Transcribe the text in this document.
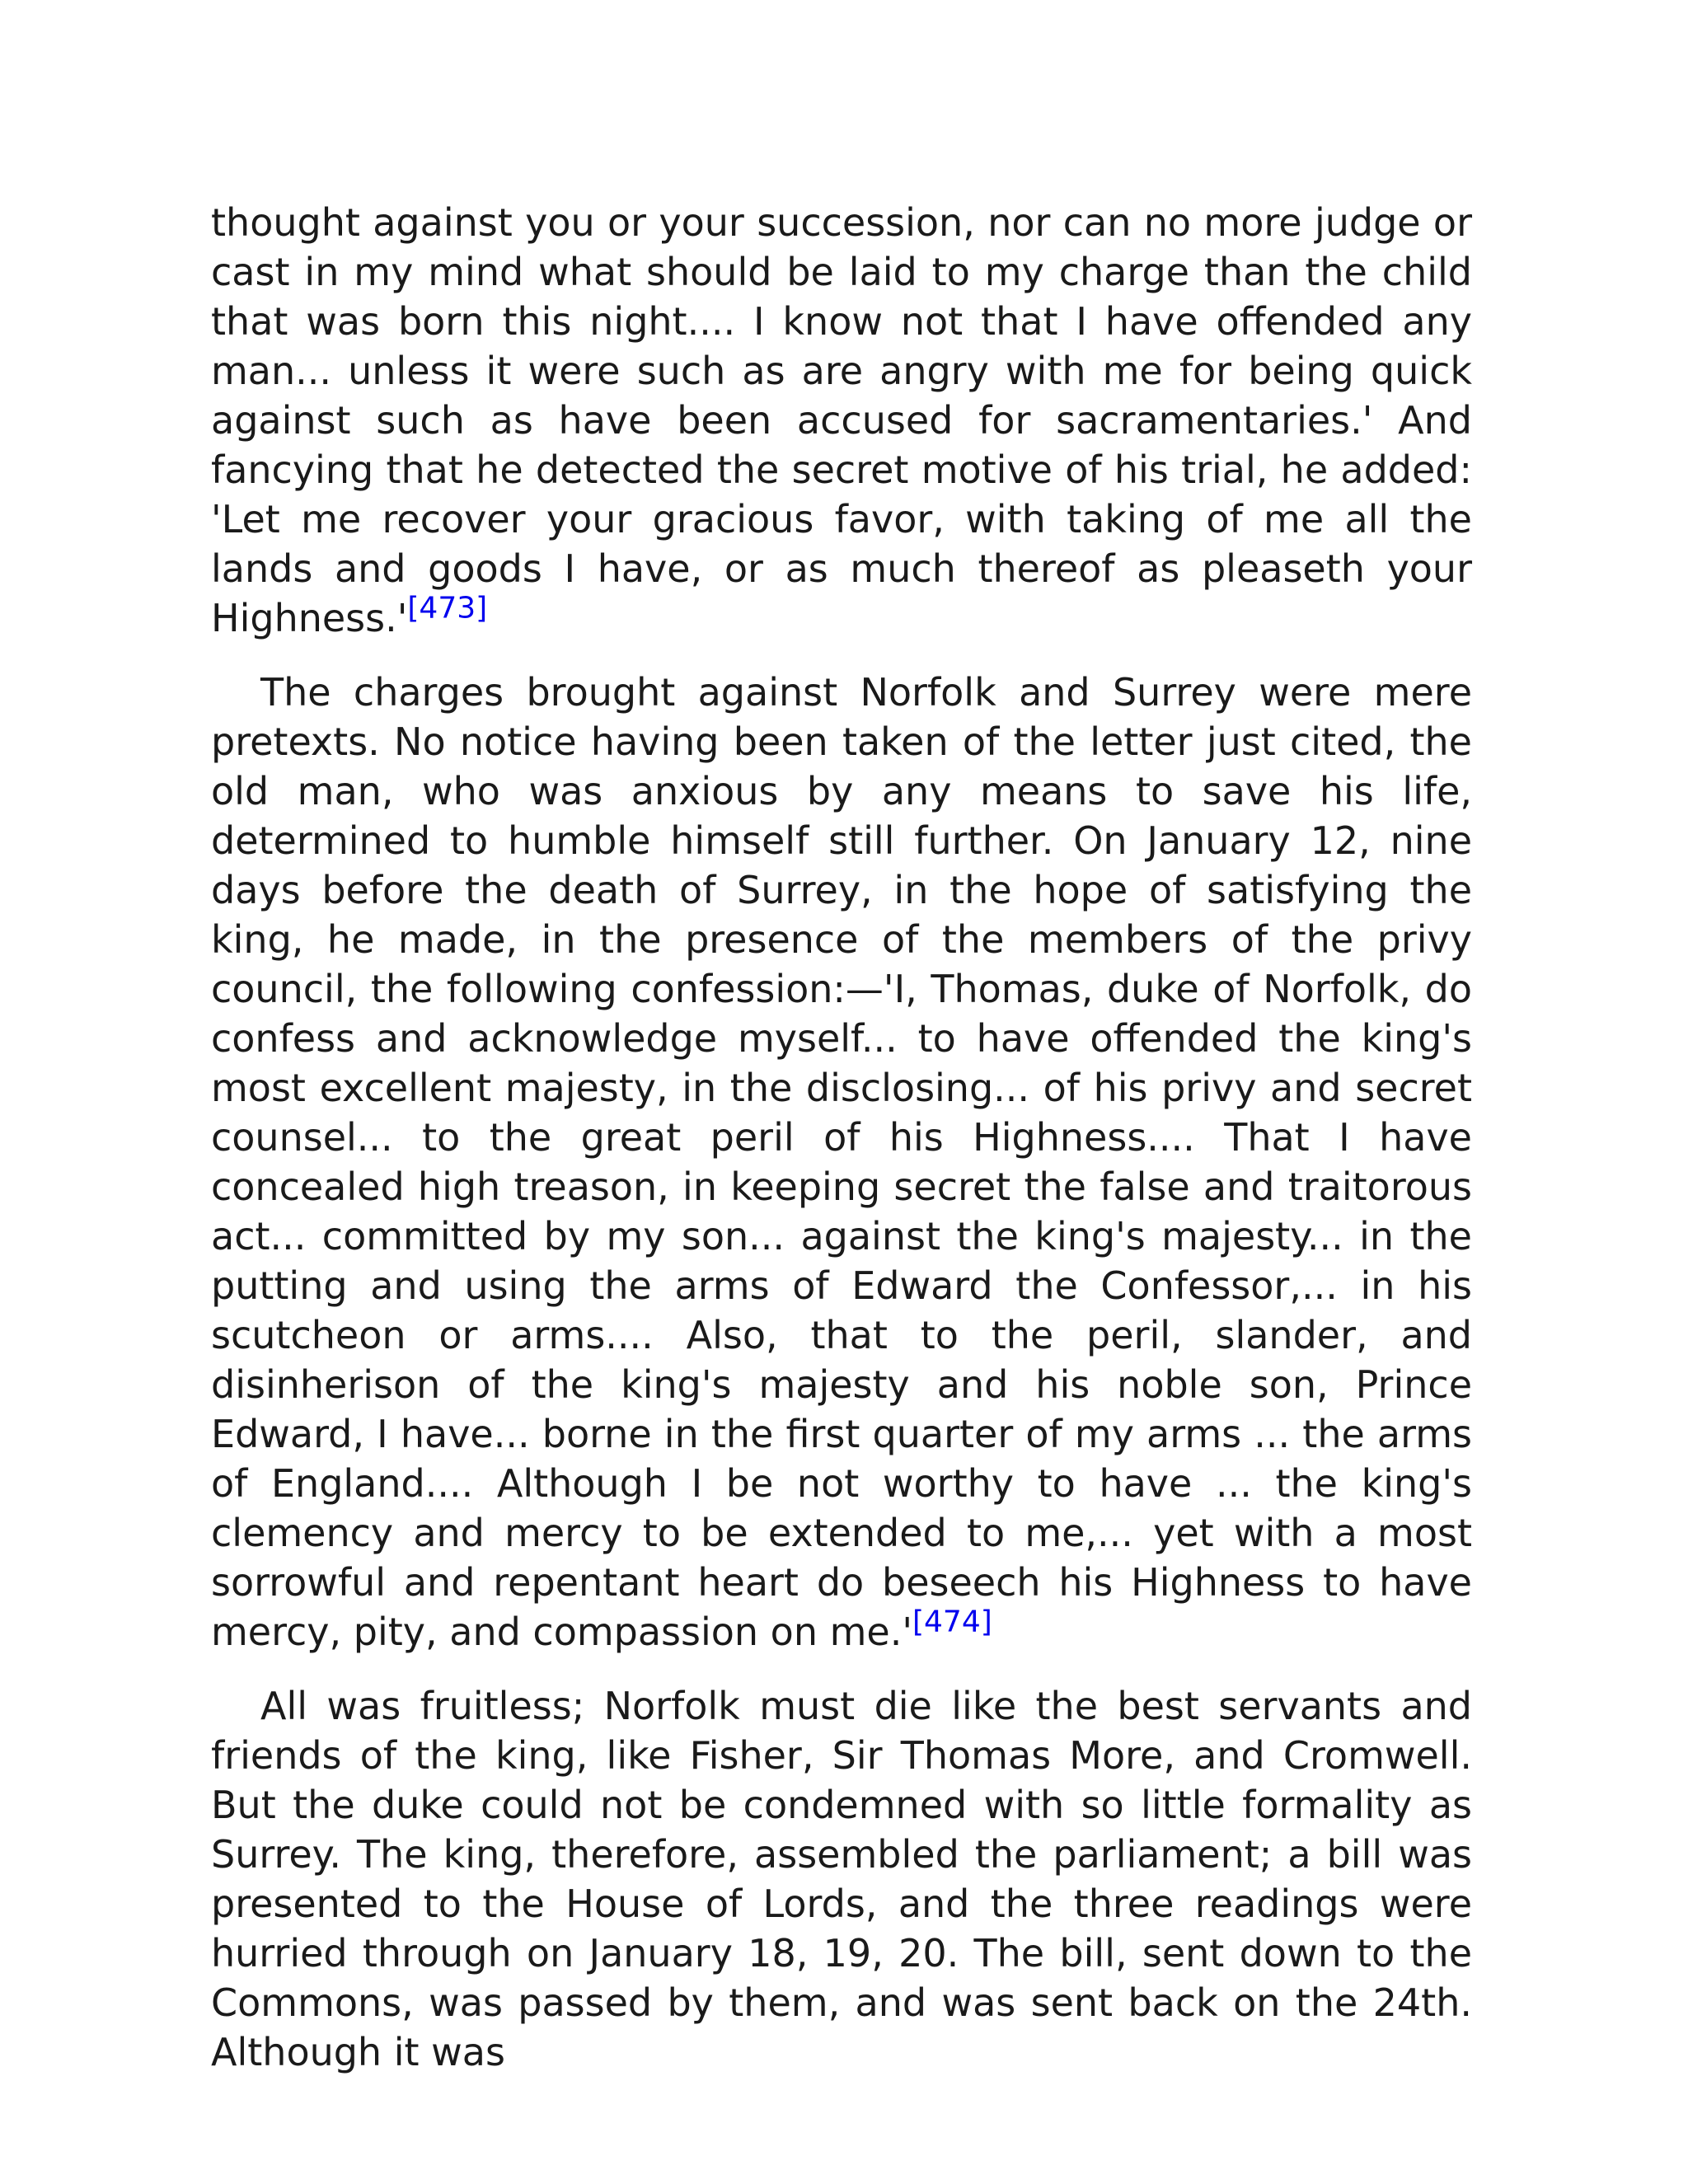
thought against you or your succession, nor can no more judge or cast in my mind what should be laid to my charge than the child that was born this night.... I know not that I have offended any man... unless it were such as are angry with me for being quick against such as have been accused for sacramentaries.' And fancying that he detected the secret motive of his trial, he added: 'Let me recover your gracious favor, with taking of me all the lands and goods I have, or as much thereof as pleaseth your Highness.'[473]

The charges brought against Norfolk and Surrey were mere pretexts. No notice having been taken of the letter just cited, the old man, who was anxious by any means to save his life, determined to humble himself still further. On January 12, nine days before the death of Surrey, in the hope of satisfying the king, he made, in the presence of the members of the privy council, the following confession:—'I, Thomas, duke of Norfolk, do confess and acknowledge myself... to have offended the king's most excellent majesty, in the disclosing... of his privy and secret counsel... to the great peril of his Highness.... That I have concealed high treason, in keeping secret the false and traitorous act... committed by my son... against the king's majesty... in the putting and using the arms of Edward the Confessor,... in his scutcheon or arms.... Also, that to the peril, slander, and disinherison of the king's majesty and his noble son, Prince Edward, I have... borne in the first quarter of my arms ... the arms of England.... Although I be not worthy to have ... the king's clemency and mercy to be extended to me,... yet with a most sorrowful and repentant heart do beseech his Highness to have mercy, pity, and compassion on me.'[474]

All was fruitless; Norfolk must die like the best servants and friends of the king, like Fisher, Sir Thomas More, and Cromwell. But the duke could not be condemned with so little formality as Surrey. The king, therefore, assembled the parliament; a bill was presented to the House of Lords, and the three readings were hurried through on January 18, 19, 20. The bill, sent down to the Commons, was passed by them, and was sent back on the 24th. Although it was
